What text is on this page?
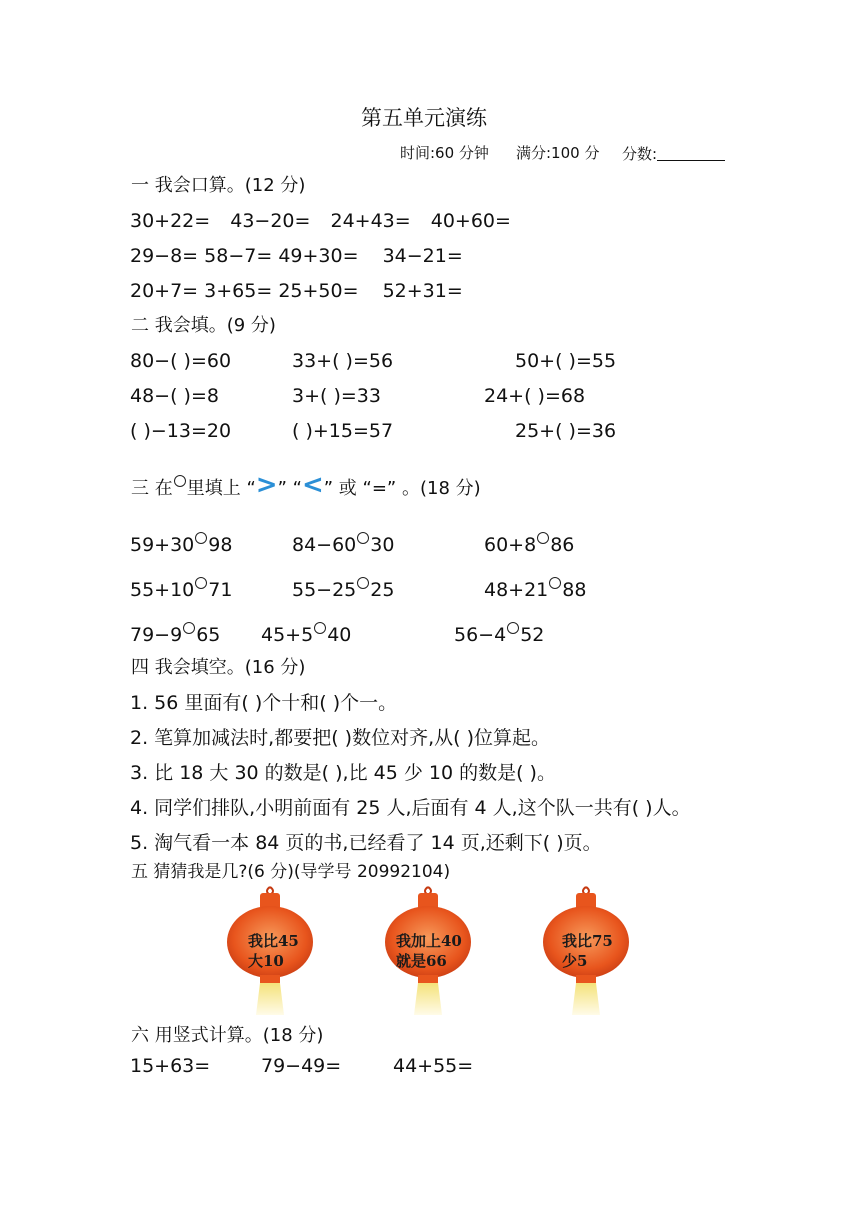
第五单元演练
时间:60 分钟 满分:100 分 分数:
一 我会口算。(12 分)
30+22= 43−20= 24+43= 40+60=
29−8= 58−7= 49+30= 34−21=
20+7= 3+65= 25+50= 52+31=
二 我会填。(9 分)
80−( )=60	33+( )=56	50+( )=55
48−( )=8	3+( )=33	24+( )=68
( )−13=20	( )+15=57	25+( )=36
三 在 里填上 “>” “<” 或 “=” 。(18 分)
59+30 98	84−60 30	60+8 86
55+10 71	55−25 25	48+21 88
79−9 65 45+5 40	56−4 52
四 我会填空。(16 分)
1. 56 里面有( )个十和( )个一。
2. 笔算加减法时,都要把( )数位对齐,从( )位算起。
3. 比 18 大 30 的数是( ),比 45 少 10 的数是( )。
4. 同学们排队,小明前面有 25 人,后面有 4 人,这个队一共有( )人。
5. 淘气看一本 84 页的书,已经看了 14 页,还剩下( )页。
五 猜猜我是几?(6 分)(导学号 20992104)
我比45
大10
我加上40
就是66
我比75
少5
六 用竖式计算。(18 分)
15+63=	79−49=	44+55=
